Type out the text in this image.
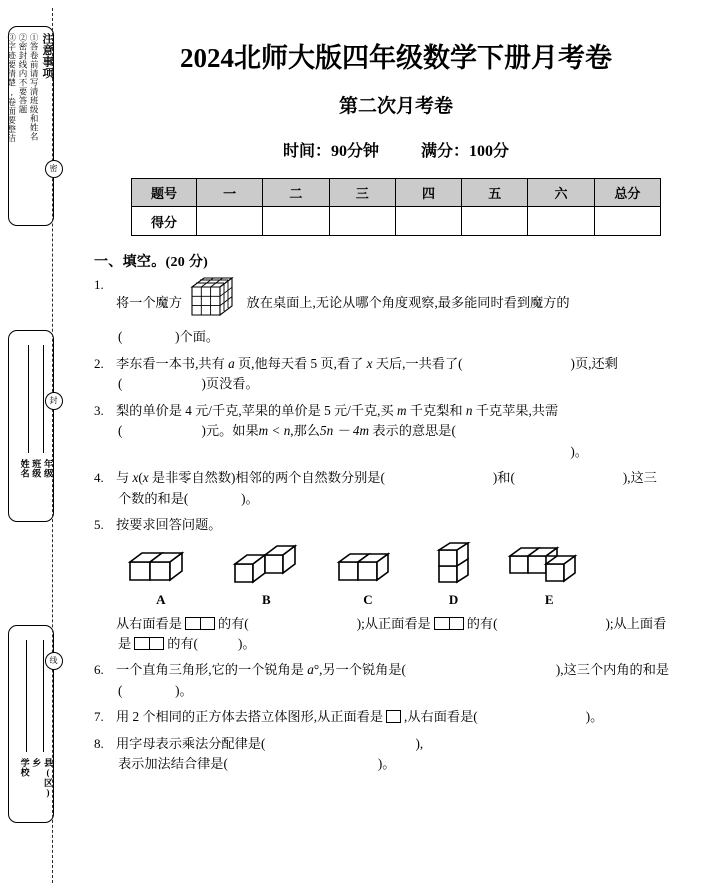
注意事项
①答卷前请写清班级和姓名
②密封线内不要答题
③字迹要清楚,卷面要整洁
年级
班级
姓名
县(区)
乡
学校
密
封
线
2024北师大版四年级数学下册月考卷
第二次月考卷
时间：90分钟	满分：100分
题号	一	二	三	四	五	六	总分
得分							
一、填空。(20 分)
1.
将一个魔方	放在桌面上,无论从哪个角度观察,最多能同时看到魔方的
(　　　　)个面。
2. 李东看一本书,共有 a 页,他每天看 5 页,看了 x 天后,一共看了(	)页,还剩
(　　　　　　)页没看。
3. 梨的单价是 4 元/千克,苹果的单价是 5 元/千克,买 m 千克梨和 n 千克苹果,共需
(　　　　　　)元。如果m < n,那么5n － 4m 表示的意思是(
)。
4. 与 x(x 是非零自然数)相邻的两个自然数分别是(	)和(	),这三
个数的和是(　　　　)。
5. 按要求回答问题。
A	B	C	D	E
从右面看是	的有(	);从正面看是	的有(	);从上面看
是	的有(	)。
6. 一个直角三角形,它的一个锐角是 a°,另一个锐角是(	),这三个内角的和是
(　　　　)。
7. 用 2 个相同的正方体去搭立体图形,从正面看是 ,从右面看是(	)。
8. 用字母表示乘法分配律是(	),
表示加法结合律是(	)。
